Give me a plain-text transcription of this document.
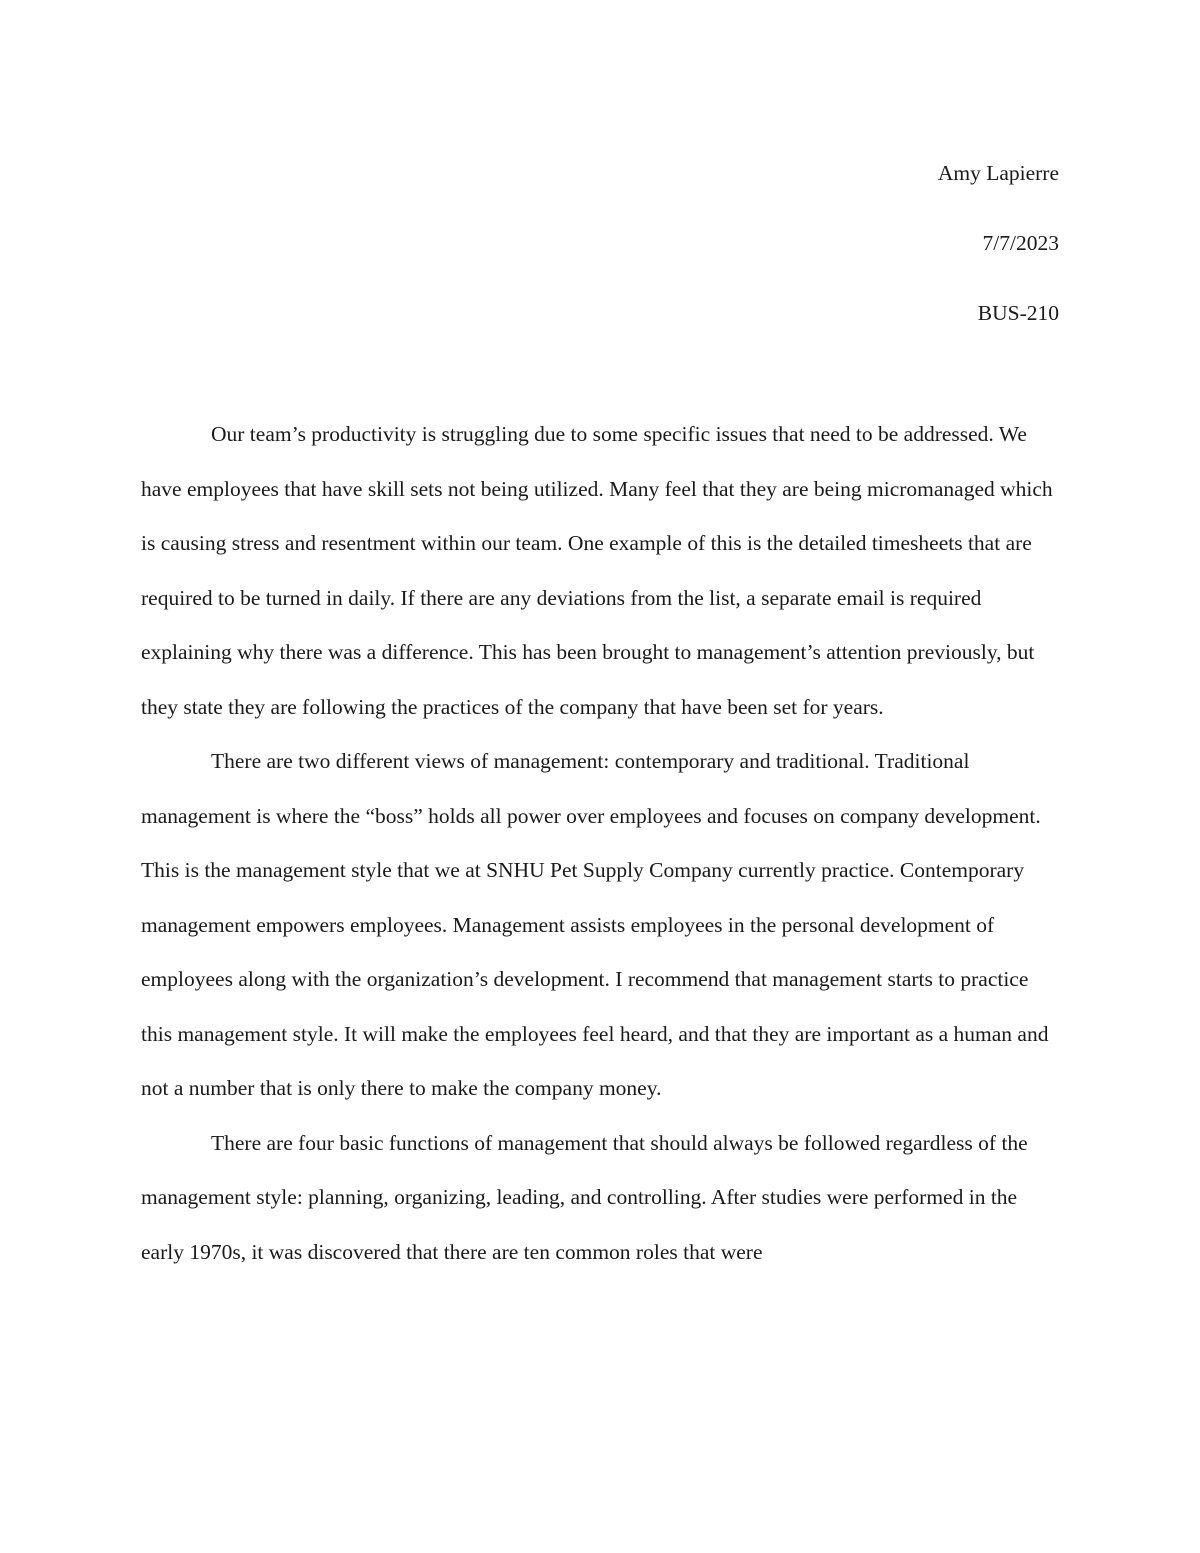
Amy Lapierre
7/7/2023
BUS-210

Our team’s productivity is struggling due to some specific issues that need to be addressed. We have employees that have skill sets not being utilized. Many feel that they are being micromanaged which is causing stress and resentment within our team. One example of this is the detailed timesheets that are required to be turned in daily. If there are any deviations from the list, a separate email is required explaining why there was a difference. This has been brought to management’s attention previously, but they state they are following the practices of the company that have been set for years.

There are two different views of management: contemporary and traditional. Traditional management is where the “boss” holds all power over employees and focuses on company development. This is the management style that we at SNHU Pet Supply Company currently practice. Contemporary management empowers employees. Management assists employees in the personal development of employees along with the organization’s development. I recommend that management starts to practice this management style. It will make the employees feel heard, and that they are important as a human and not a number that is only there to make the company money.

There are four basic functions of management that should always be followed regardless of the management style: planning, organizing, leading, and controlling. After studies were performed in the early 1970s, it was discovered that there are ten common roles that were
